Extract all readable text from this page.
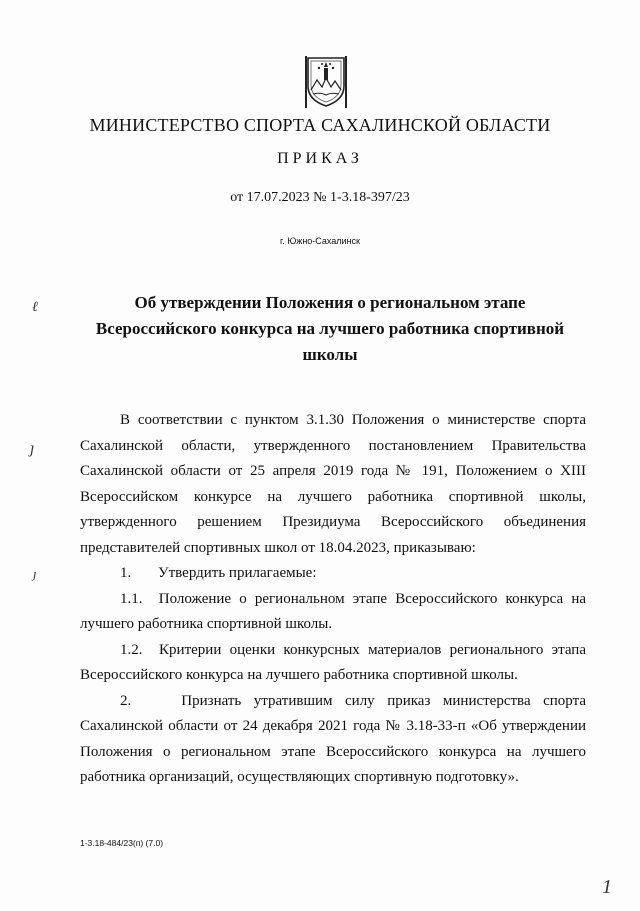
МИНИСТЕРСТВО СПОРТА САХАЛИНСКОЙ ОБЛАСТИ
ПРИКАЗ
от 17.07.2023 № 1-3.18-397/23
г. Южно-Сахалинск
Об утверждении Положения о региональном этапе Всероссийского конкурса на лучшего работника спортивной школы

В соответствии с пунктом 3.1.30 Положения о министерстве спорта Сахалинской области, утвержденного постановлением Правительства Сахалинской области от 25 апреля 2019 года № 191, Положением о XIII Всероссийском конкурсе на лучшего работника спортивной школы, утвержденного решением Президиума Всероссийского объединения представителей спортивных школ от 18.04.2023, приказываю:

1. Утвердить прилагаемые:

1.1. Положение о региональном этапе Всероссийского конкурса на лучшего работника спортивной школы.

1.2. Критерии оценки конкурсных материалов регионального этапа Всероссийского конкурса на лучшего работника спортивной школы.

2.	Признать утратившим силу приказ министерства спорта Сахалинской области от 24 декабря 2021 года № 3.18-33-п «Об утверждении Положения о региональном этапе Всероссийского конкурса на лучшего работника организаций, осуществляющих спортивную подготовку».

1-3.18-484/23(п) (7.0)
ℓ
ȷ
ȷ
1
